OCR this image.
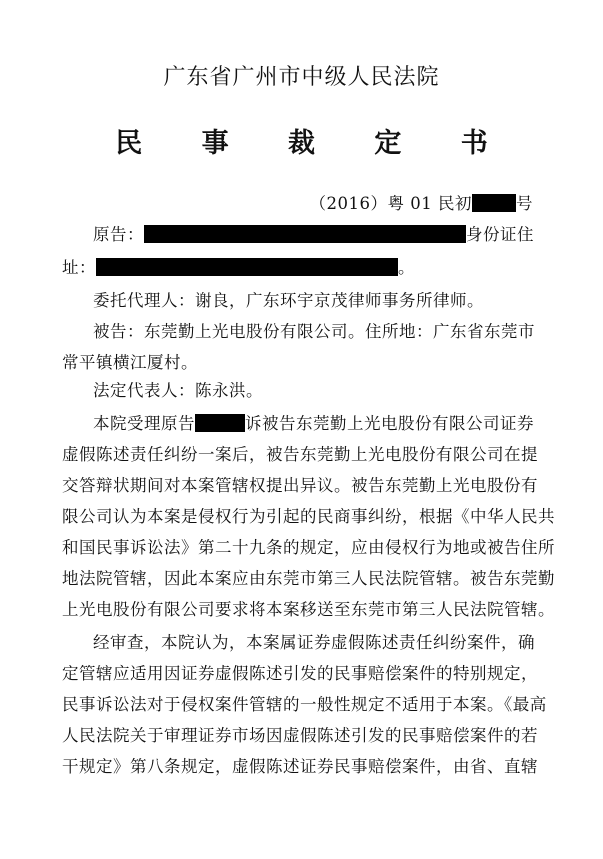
广东省广州市中级人民法院
民 事 裁 定 书
（2016）粤 01 民初	号
原告：	身份证住
址：	。
委托代理人：谢良，广东环宇京茂律师事务所律师。
被告：东莞勤上光电股份有限公司。住所地：广东省东莞市
常平镇横江厦村。
法定代表人：陈永洪。
本院受理原告	诉被告东莞勤上光电股份有限公司证券
虚假陈述责任纠纷一案后，被告东莞勤上光电股份有限公司在提
交答辩状期间对本案管辖权提出异议。被告东莞勤上光电股份有
限公司认为本案是侵权行为引起的民商事纠纷，根据《中华人民共
和国民事诉讼法》第二十九条的规定，应由侵权行为地或被告住所
地法院管辖，因此本案应由东莞市第三人民法院管辖。被告东莞勤
上光电股份有限公司要求将本案移送至东莞市第三人民法院管辖。
经审查，本院认为，本案属证券虚假陈述责任纠纷案件，确
定管辖应适用因证券虚假陈述引发的民事赔偿案件的特别规定，
民事诉讼法对于侵权案件管辖的一般性规定不适用于本案。《最高
人民法院关于审理证券市场因虚假陈述引发的民事赔偿案件的若
干规定》第八条规定，虚假陈述证券民事赔偿案件，由省、直辖
